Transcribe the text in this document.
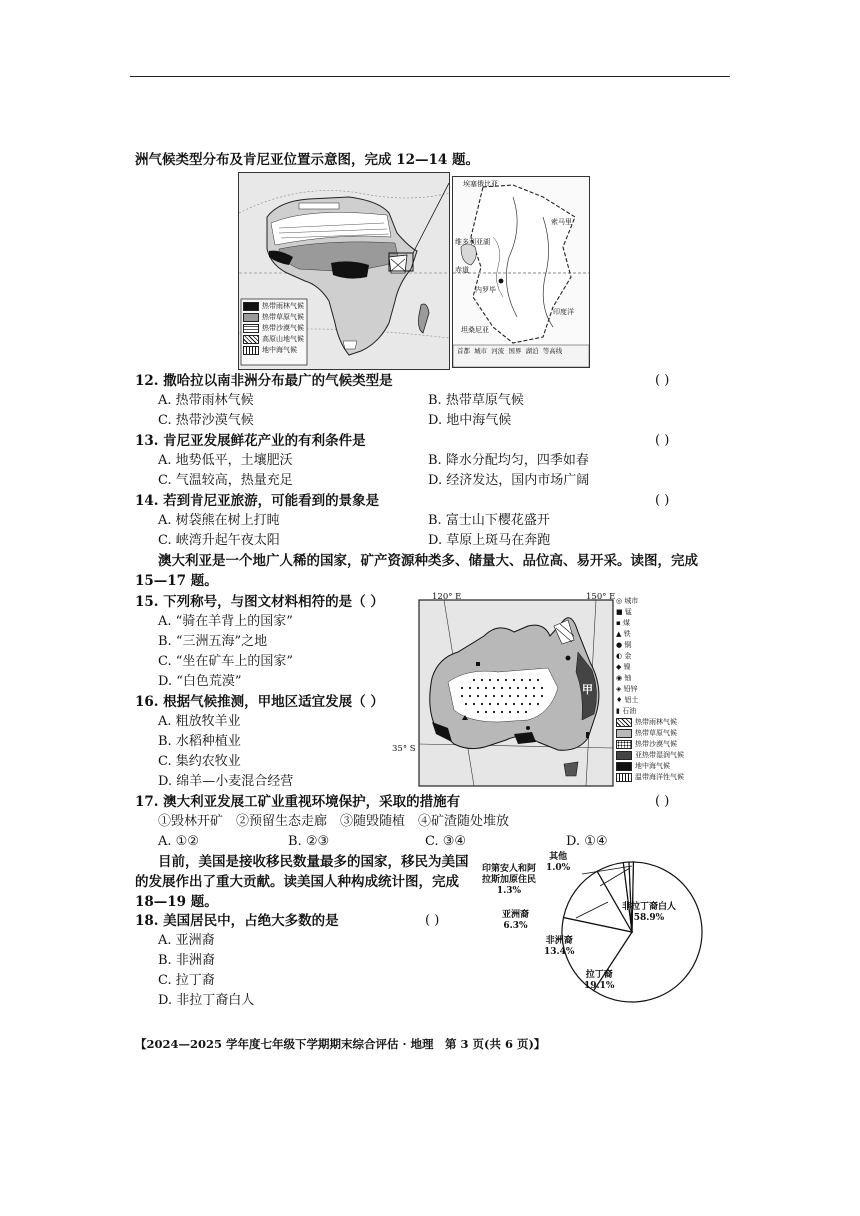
洲气候类型分布及肯尼亚位置示意图，完成 12—14 题。
热带雨林气候
热带草原气候
热带沙漠气候
高原山地气候
地中海气候
埃塞俄比亚
索马里
赤道
内罗毕
维多利亚湖
坦桑尼亚
印度洋
首都 城市 河流 国界 湖泊 等高线
12. 撒哈拉以南非洲分布最广的气候类型是	( )
A. 热带雨林气候	B. 热带草原气候
C. 热带沙漠气候	D. 地中海气候
13. 肯尼亚发展鲜花产业的有利条件是	( )
A. 地势低平，土壤肥沃	B. 降水分配均匀，四季如春
C. 气温较高，热量充足	D. 经济发达，国内市场广阔
14. 若到肯尼亚旅游，可能看到的景象是	( )
A. 树袋熊在树上打盹	B. 富士山下樱花盛开
C. 峡湾升起午夜太阳	D. 草原上斑马在奔跑
澳大利亚是一个地广人稀的国家，矿产资源种类多、储量大、品位高、易开采。读图，完成
15—17 题。
15. 下列称号，与图文材料相符的是（ ）
A. “骑在羊背上的国家”
B. “三洲五海”之地
C. “坐在矿车上的国家”
D. “白色荒漠”
16. 根据气候推测，甲地区适宜发展（ ）
A. 粗放牧羊业
B. 水稻种植业
C. 集约农牧业
D. 绵羊—小麦混合经营
120° E	150° E
甲
35° S
◎ 城市
■ 锰
▪ 煤
▲ 铁
● 铜
◐ 金
◆ 镍
◉ 铀
◈ 铅锌
♦ 铝土
▮ 石油
热带雨林气候
热带草原气候
热带沙漠气候
亚热带湿润气候
地中海气候
温带海洋性气候
17. 澳大利亚发展工矿业重视环境保护，采取的措施有	( )
①毁林开矿　②预留生态走廊　③随毁随植　④矿渣随处堆放
A. ①②	B. ②③	C. ③④	D. ①④
目前，美国是接收移民数量最多的国家，移民为美国
的发展作出了重大贡献。读美国人种构成统计图，完成
18—19 题。
18. 美国居民中，占绝大多数的是	( )
A. 亚洲裔
B. 非洲裔
C. 拉丁裔
D. 非拉丁裔白人
非拉丁裔白人
58.9%
拉丁裔
19.1%
非洲裔
13.4%
亚洲裔
6.3%
印第安人和阿
拉斯加原住民
1.3%
其他
1.0%
【2024—2025 学年度七年级下学期期末综合评估 · 地理　第 3 页(共 6 页)】
